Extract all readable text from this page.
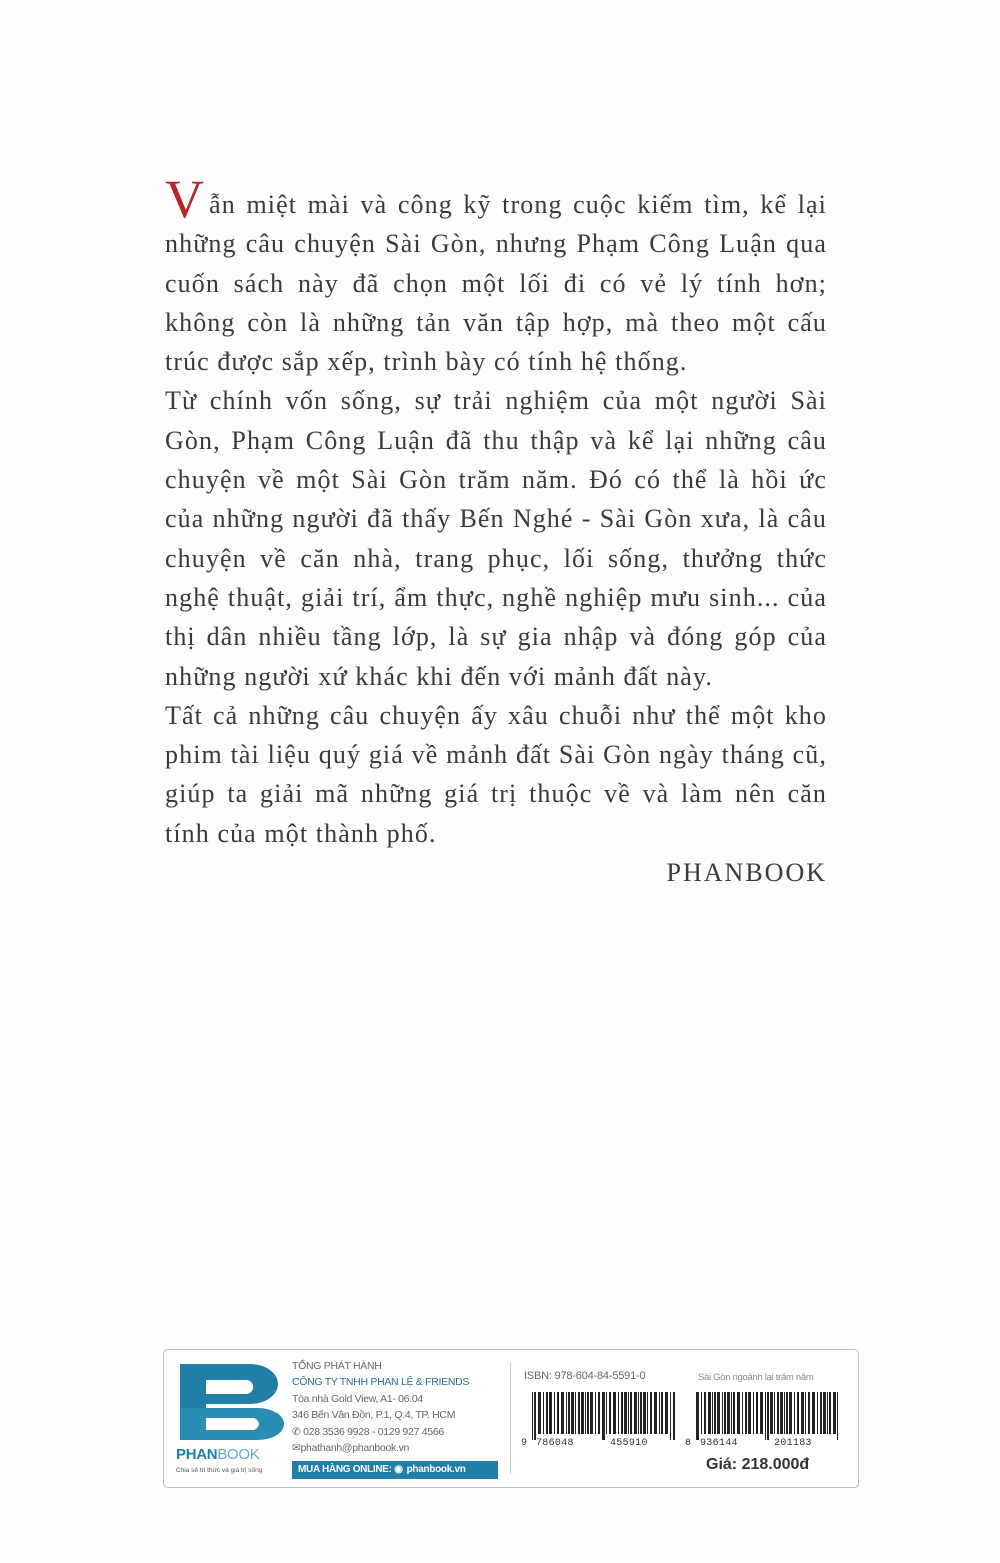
Vẫn miệt mài và công kỹ trong cuộc kiếm tìm, kể lại những câu chuyện Sài Gòn, nhưng Phạm Công Luận qua cuốn sách này đã chọn một lối đi có vẻ lý tính hơn; không còn là những tản văn tập hợp, mà theo một cấu trúc được sắp xếp, trình bày có tính hệ thống.

Từ chính vốn sống, sự trải nghiệm của một người Sài Gòn, Phạm Công Luận đã thu thập và kể lại những câu chuyện về một Sài Gòn trăm năm. Đó có thể là hồi ức của những người đã thấy Bến Nghé - Sài Gòn xưa, là câu chuyện về căn nhà, trang phục, lối sống, thưởng thức nghệ thuật, giải trí, ẩm thực, nghề nghiệp mưu sinh... của thị dân nhiều tầng lớp, là sự gia nhập và đóng góp của những người xứ khác khi đến với mảnh đất này.

Tất cả những câu chuyện ấy xâu chuỗi như thể một kho phim tài liệu quý giá về mảnh đất Sài Gòn ngày tháng cũ, giúp ta giải mã những giá trị thuộc về và làm nên căn tính của một thành phố.

PHANBOOK

PHANBOOK
Chia sẻ tri thức và giá trị sống
TỔNG PHÁT HÀNH
CÔNG TY TNHH PHAN LỆ & FRIENDS
Tòa nhà Gold View, A1- 06.04
346 Bến Vân Đồn, P.1, Q.4, TP. HCM
✆ 028 3536 9928 - 0129 927 4566
✉phathanh@phanbook.vn
MUA HÀNG ONLINE: ◉ phanbook.vn
ISBN: 978-604-84-5591-0	Sài Gòn ngoảnh lại trăm năm
9 786048	455910	8 936144	201183
Giá: 218.000đ
